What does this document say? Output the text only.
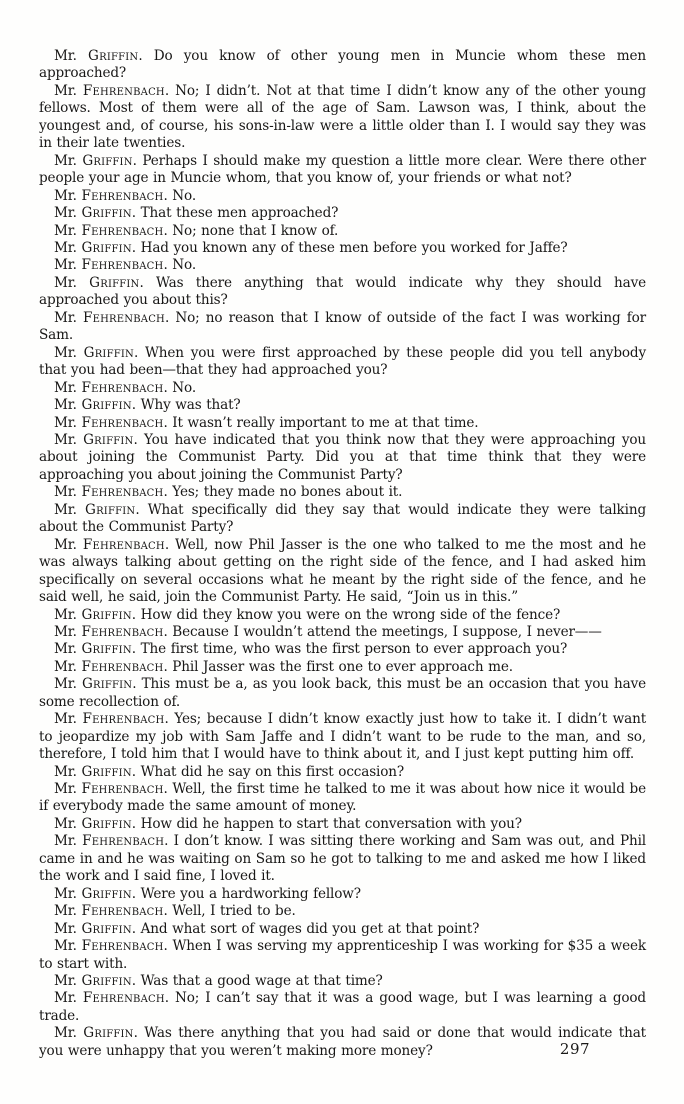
Mr. Griffin. Do you know of other young men in Muncie whom these men approached?

Mr. Fehrenbach. No; I didn’t. Not at that time I didn’t know any of the other young fellows. Most of them were all of the age of Sam. Lawson was, I think, about the youngest and, of course, his sons-in-law were a little older than I. I would say they was in their late twenties.

Mr. Griffin. Perhaps I should make my question a little more clear. Were there other people your age in Muncie whom, that you know of, your friends or what not?

Mr. Fehrenbach. No.

Mr. Griffin. That these men approached?

Mr. Fehrenbach. No; none that I know of.

Mr. Griffin. Had you known any of these men before you worked for Jaffe?

Mr. Fehrenbach. No.

Mr. Griffin. Was there anything that would indicate why they should have approached you about this?

Mr. Fehrenbach. No; no reason that I know of outside of the fact I was working for Sam.

Mr. Griffin. When you were first approached by these people did you tell anybody that you had been—that they had approached you?

Mr. Fehrenbach. No.

Mr. Griffin. Why was that?

Mr. Fehrenbach. It wasn’t really important to me at that time.

Mr. Griffin. You have indicated that you think now that they were approaching you about joining the Communist Party. Did you at that time think that they were approaching you about joining the Communist Party?

Mr. Fehrenbach. Yes; they made no bones about it.

Mr. Griffin. What specifically did they say that would indicate they were talking about the Communist Party?

Mr. Fehrenbach. Well, now Phil Jasser is the one who talked to me the most and he was always talking about getting on the right side of the fence, and I had asked him specifically on several occasions what he meant by the right side of the fence, and he said well, he said, join the Communist Party. He said, “Join us in this.”

Mr. Griffin. How did they know you were on the wrong side of the fence?

Mr. Fehrenbach. Because I wouldn’t attend the meetings, I suppose, I never——

Mr. Griffin. The first time, who was the first person to ever approach you?

Mr. Fehrenbach. Phil Jasser was the first one to ever approach me.

Mr. Griffin. This must be a, as you look back, this must be an occasion that you have some recollection of.

Mr. Fehrenbach. Yes; because I didn’t know exactly just how to take it. I didn’t want to jeopardize my job with Sam Jaffe and I didn’t want to be rude to the man, and so, therefore, I told him that I would have to think about it, and I just kept putting him off.

Mr. Griffin. What did he say on this first occasion?

Mr. Fehrenbach. Well, the first time he talked to me it was about how nice it would be if everybody made the same amount of money.

Mr. Griffin. How did he happen to start that conversation with you?

Mr. Fehrenbach. I don’t know. I was sitting there working and Sam was out, and Phil came in and he was waiting on Sam so he got to talking to me and asked me how I liked the work and I said fine, I loved it.

Mr. Griffin. Were you a hardworking fellow?

Mr. Fehrenbach. Well, I tried to be.

Mr. Griffin. And what sort of wages did you get at that point?

Mr. Fehrenbach. When I was serving my apprenticeship I was working for $35 a week to start with.

Mr. Griffin. Was that a good wage at that time?

Mr. Fehrenbach. No; I can’t say that it was a good wage, but I was learning a good trade.

Mr. Griffin. Was there anything that you had said or done that would indicate that you were unhappy that you weren’t making more money?	297
